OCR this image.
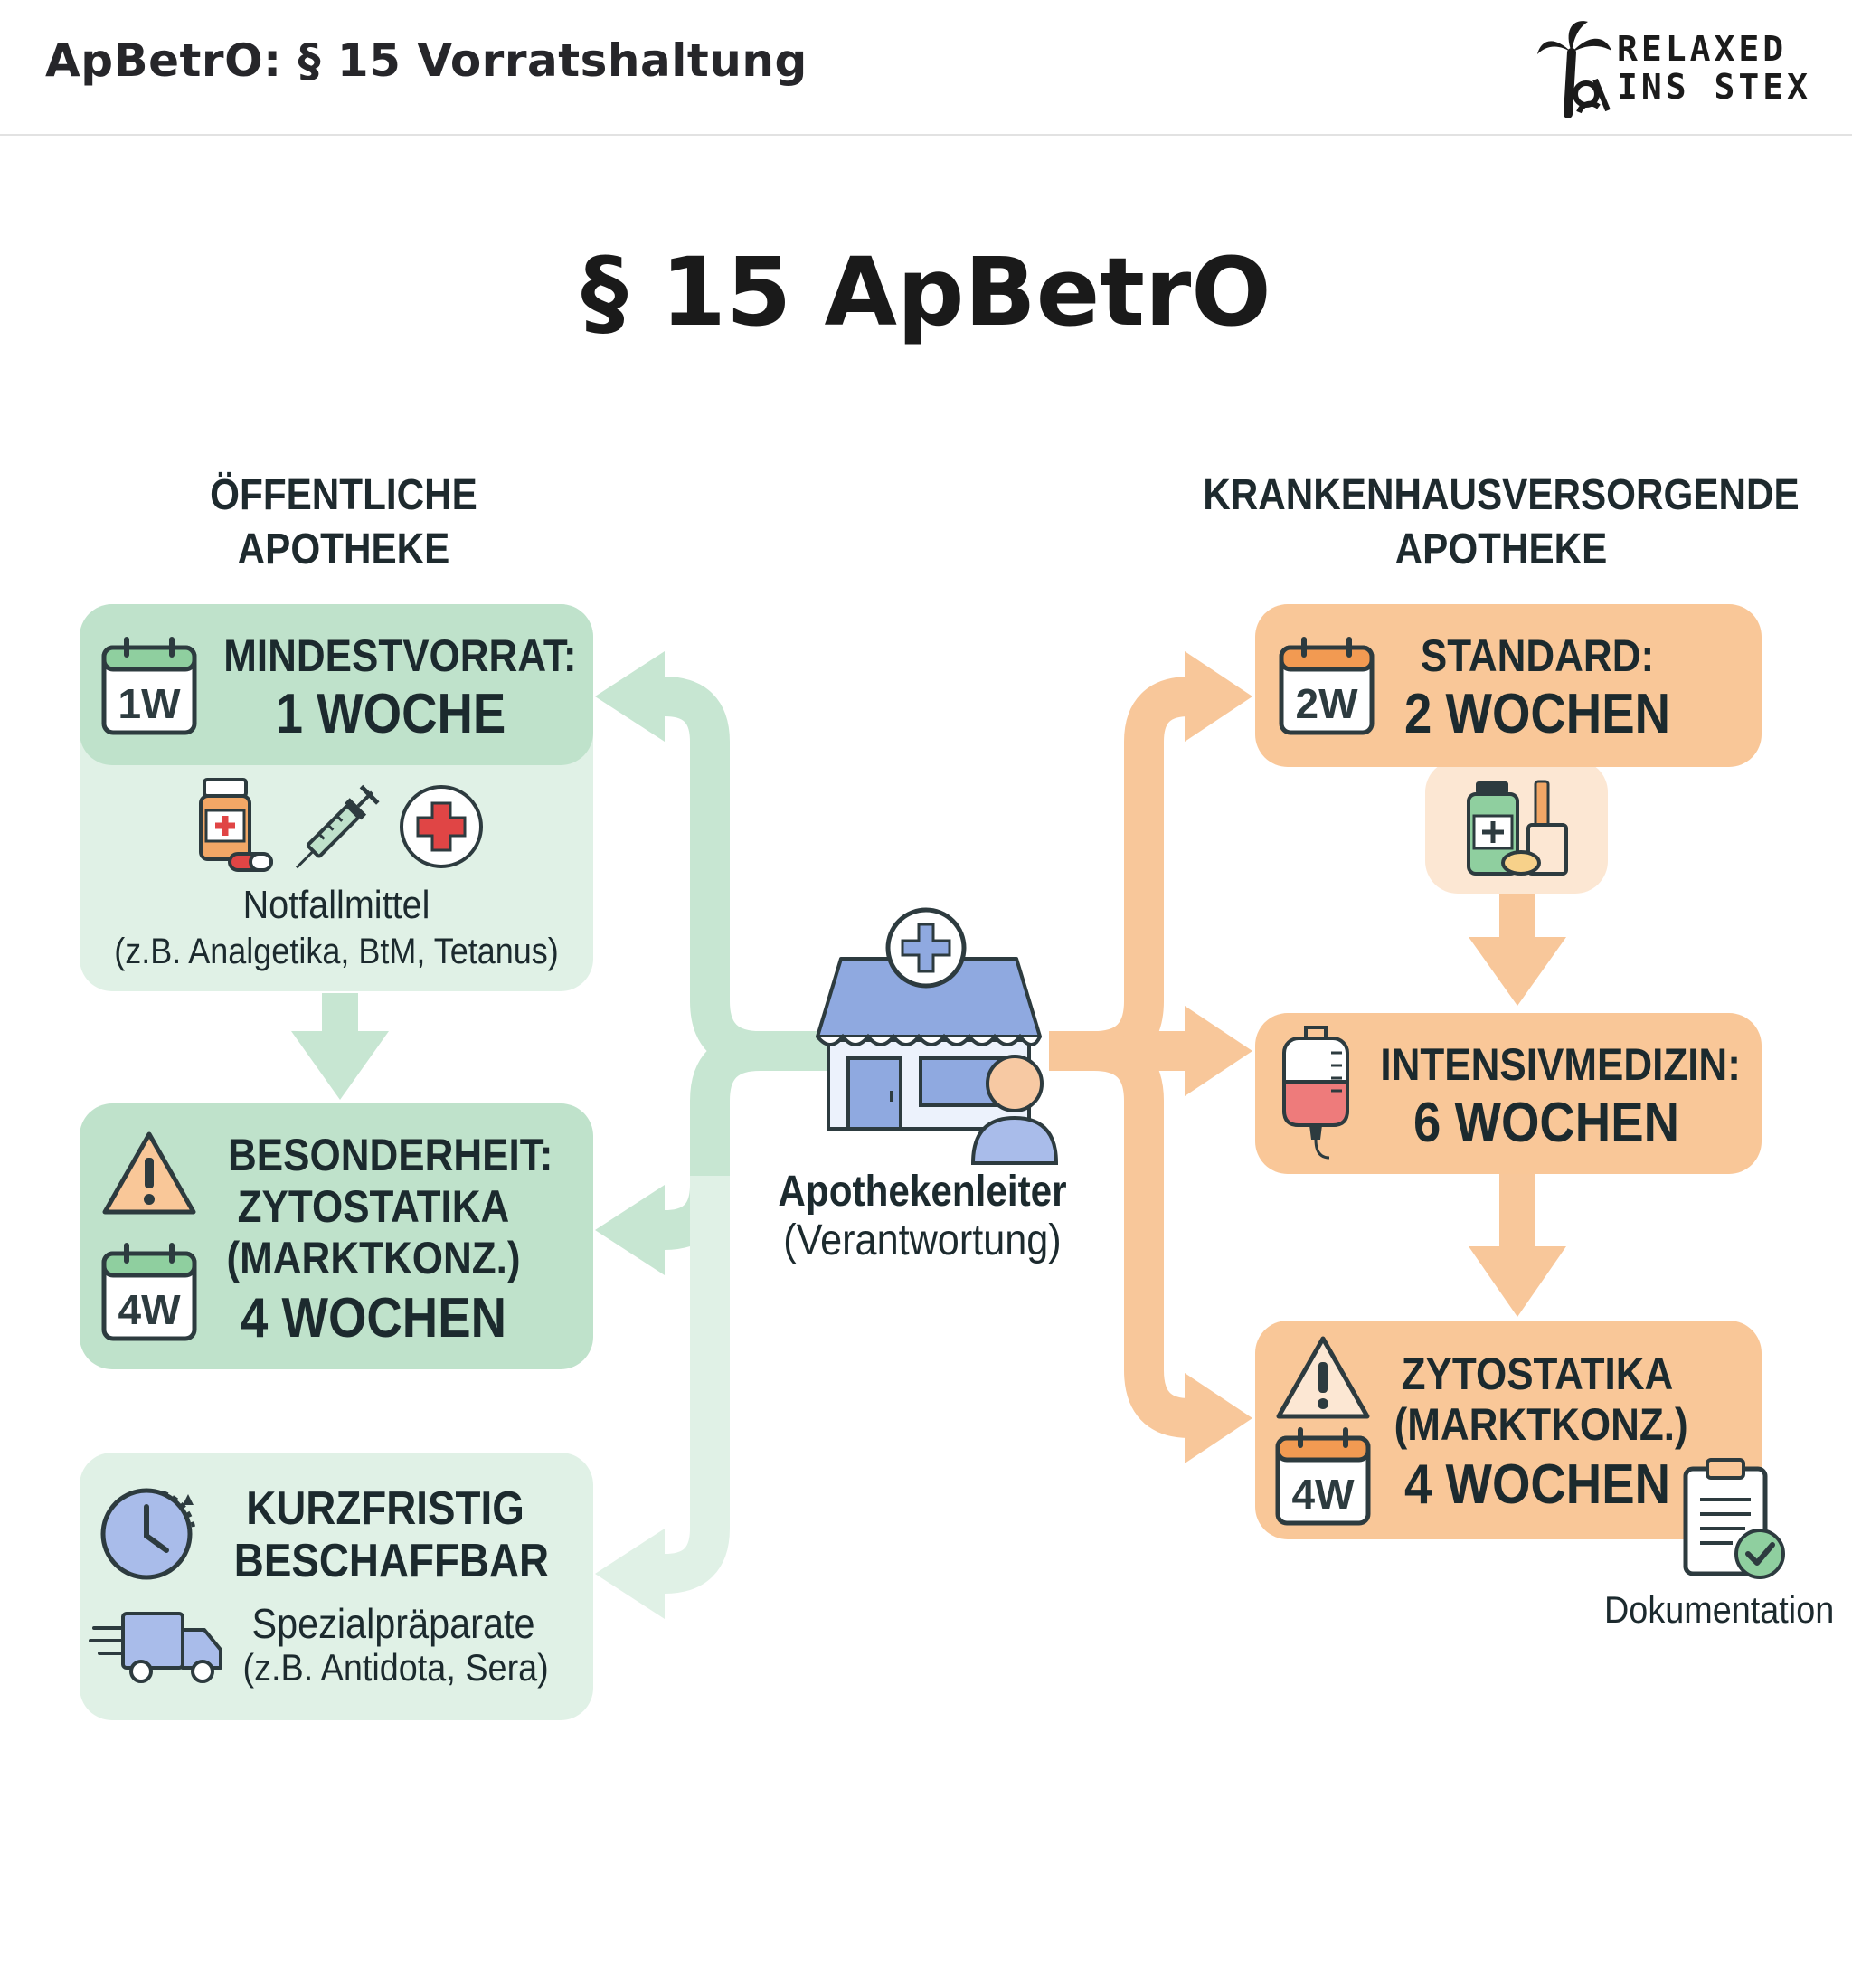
ApBetrO: § 15 Vorratshaltung	RELAXED
INS STEX
§ 15 ApBetrO
ÖFFENTLICHE
APOTHEKE
KRANKENHAUSVERSORGENDE
APOTHEKE
1W
MINDESTVORRAT:
1 WOCHE
Notfallmittel
(z.B. Analgetika, BtM, Tetanus)
4W
BESONDERHEIT:
ZYTOSTATIKA
(MARKTKONZ.)
4 WOCHEN
KURZFRISTIG
BESCHAFFBAR
Spezialpräparate
(z.B. Antidota, Sera)
Apothekenleiter
(Verantwortung)
2W
STANDARD:
2 WOCHEN
INTENSIVMEDIZIN:
6 WOCHEN
4W
ZYTOSTATIKA
(MARKTKONZ.)
4 WOCHEN
Dokumentation
